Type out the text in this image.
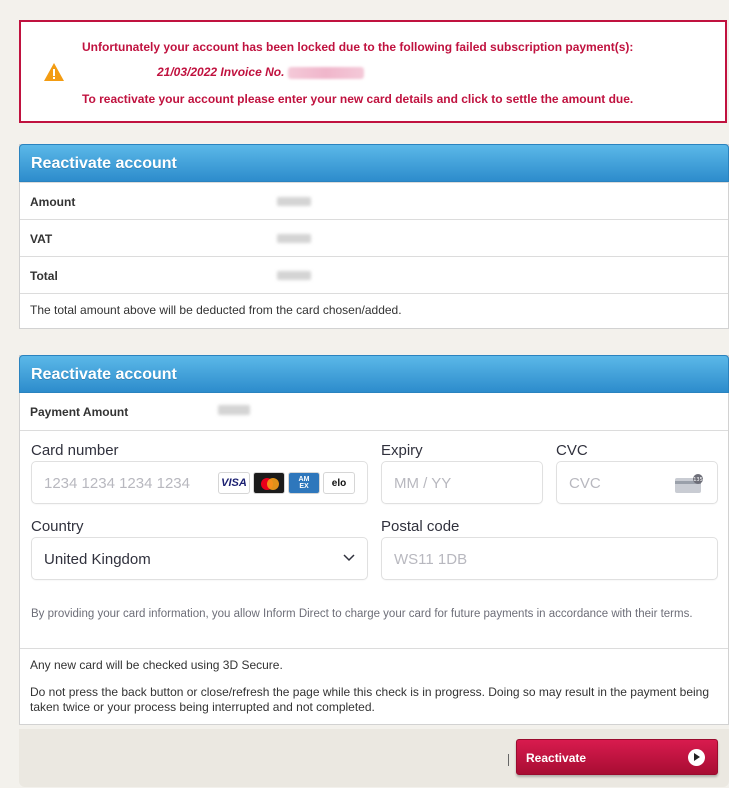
Unfortunately your account has been locked due to the following failed subscription payment(s):
21/03/2022 Invoice No.
To reactivate your account please enter your new card details and click to settle the amount due.
Reactivate account
Amount
VAT
Total
The total amount above will be deducted from the card chosen/added.
Reactivate account
Payment Amount
Card number
1234 1234 1234 1234	VISA	AM
EX	elo
Expiry
MM / YY
CVC
CVC	135
Country
United Kingdom
Postal code
WS11 1DB
By providing your card information, you allow Inform Direct to charge your card for future payments in accordance with their terms.

Any new card will be checked using 3D Secure.

Do not press the back button or close/refresh the page while this check is in progress. Doing so may result in the payment being taken twice or your process being interrupted and not completed.

Reactivate
